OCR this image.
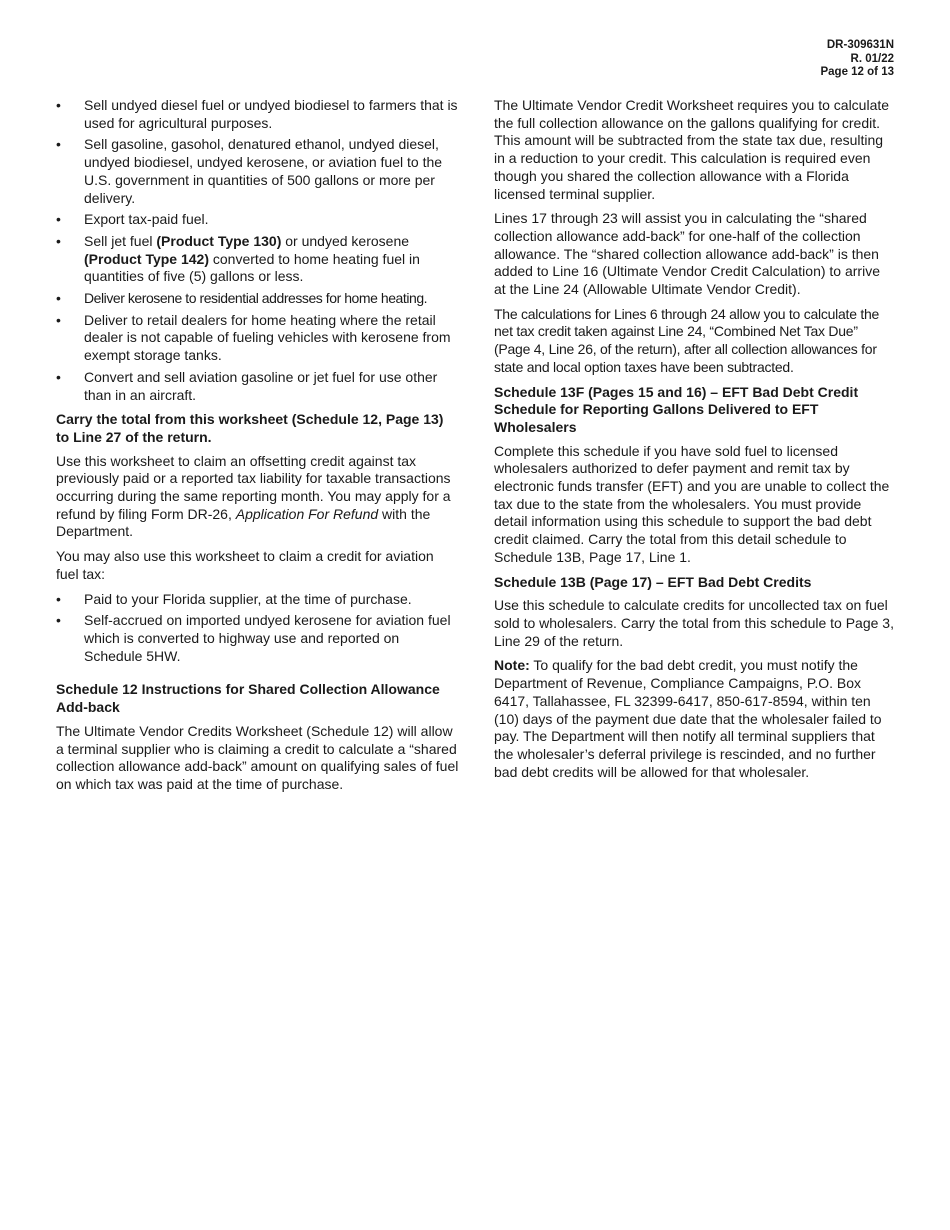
DR-309631N
R. 01/22
Page 12 of 13
• Sell undyed diesel fuel or undyed biodiesel to farmers that is used for agricultural purposes.
• Sell gasoline, gasohol, denatured ethanol, undyed diesel, undyed biodiesel, undyed kerosene, or aviation fuel to the U.S. government in quantities of 500 gallons or more per delivery.
• Export tax-paid fuel.
• Sell jet fuel (Product Type 130) or undyed kerosene (Product Type 142) converted to home heating fuel in quantities of five (5) gallons or less.
• Deliver kerosene to residential addresses for home heating.
• Deliver to retail dealers for home heating where the retail dealer is not capable of fueling vehicles with kerosene from exempt storage tanks.
• Convert and sell aviation gasoline or jet fuel for use other than in an aircraft.
Carry the total from this worksheet (Schedule 12, Page 13) to Line 27 of the return.

Use this worksheet to claim an offsetting credit against tax previously paid or a reported tax liability for taxable transactions occurring during the same reporting month. You may apply for a refund by filing Form DR-26, Application For Refund with the Department.

You may also use this worksheet to claim a credit for aviation fuel tax:

• Paid to your Florida supplier, at the time of purchase.
• Self-accrued on imported undyed kerosene for aviation fuel which is converted to highway use and reported on Schedule 5HW.
Schedule 12 Instructions for Shared Collection Allowance Add-back

The Ultimate Vendor Credits Worksheet (Schedule 12) will allow a terminal supplier who is claiming a credit to calculate a “shared collection allowance add-back” amount on qualifying sales of fuel on which tax was paid at the time of purchase.

The Ultimate Vendor Credit Worksheet requires you to calculate the full collection allowance on the gallons qualifying for credit. This amount will be subtracted from the state tax due, resulting in a reduction to your credit. This calculation is required even though you shared the collection allowance with a Florida licensed terminal supplier.

Lines 17 through 23 will assist you in calculating the “shared collection allowance add-back” for one-half of the collection allowance. The “shared collection allowance add-back” is then added to Line 16 (Ultimate Vendor Credit Calculation) to arrive at the Line 24 (Allowable Ultimate Vendor Credit).

The calculations for Lines 6 through 24 allow you to calculate the net tax credit taken against Line 24, “Combined Net Tax Due” (Page 4, Line 26, of the return), after all collection allowances for state and local option taxes have been subtracted.

Schedule 13F (Pages 15 and 16) – EFT Bad Debt Credit Schedule for Reporting Gallons Delivered to EFT Wholesalers

Complete this schedule if you have sold fuel to licensed wholesalers authorized to defer payment and remit tax by electronic funds transfer (EFT) and you are unable to collect the tax due to the state from the wholesalers. You must provide detail information using this schedule to support the bad debt credit claimed. Carry the total from this detail schedule to Schedule 13B, Page 17, Line 1.

Schedule 13B (Page 17) – EFT Bad Debt Credits

Use this schedule to calculate credits for uncollected tax on fuel sold to wholesalers. Carry the total from this schedule to Page 3, Line 29 of the return.

Note: To qualify for the bad debt credit, you must notify the Department of Revenue, Compliance Campaigns, P.O. Box 6417, Tallahassee, FL 32399-6417, 850-617-8594, within ten (10) days of the payment due date that the wholesaler failed to pay. The Department will then notify all terminal suppliers that the wholesaler’s deferral privilege is rescinded, and no further bad debt credits will be allowed for that wholesaler.
